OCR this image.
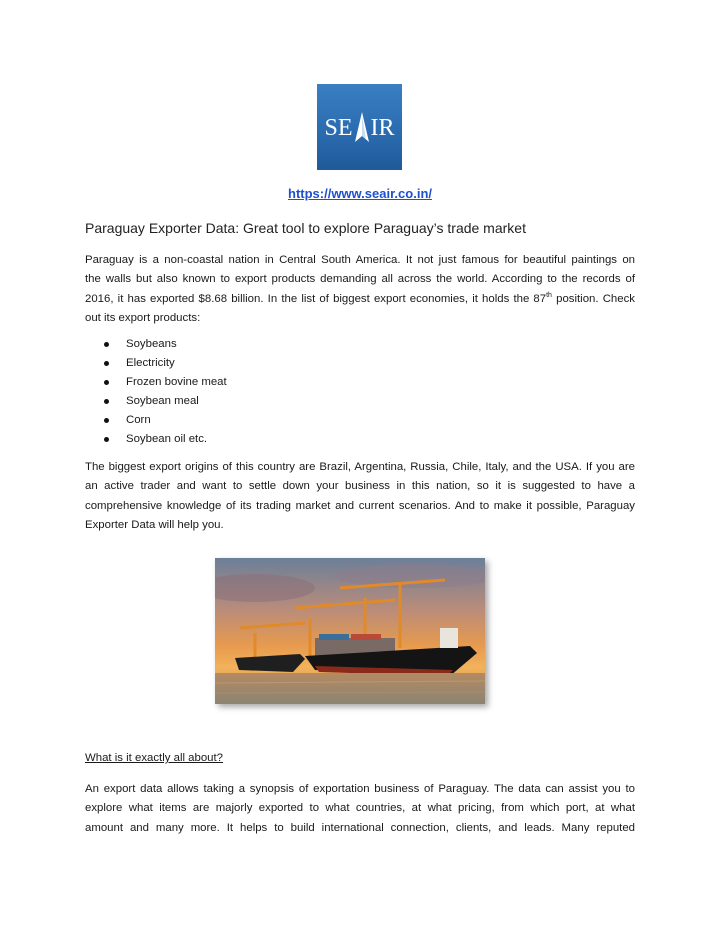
SE IR
https://www.seair.co.in/
Paraguay Exporter Data: Great tool to explore Paraguay’s trade market
Paraguay is a non-coastal nation in Central South America. It not just famous for beautiful paintings on
the walls but also known to export products demanding all across the world. According to the records of
2016, it has exported $8.68 billion. In the list of biggest export economies, it holds the 87th position. Check
out its export products:
Soybeans
Electricity
Frozen bovine meat
Soybean meal
Corn
Soybean oil etc.
The biggest export origins of this country are Brazil, Argentina, Russia, Chile, Italy, and the USA. If you are
an active trader and want to settle down your business in this nation, so it is suggested to have a
comprehensive knowledge of its trading market and current scenarios. And to make it possible, Paraguay
Exporter Data will help you.
What is it exactly all about?
An export data allows taking a synopsis of exportation business of Paraguay. The data can assist you to
explore what items are majorly exported to what countries, at what pricing, from which port, at what
amount and many more. It helps to build international connection, clients, and leads. Many reputed
